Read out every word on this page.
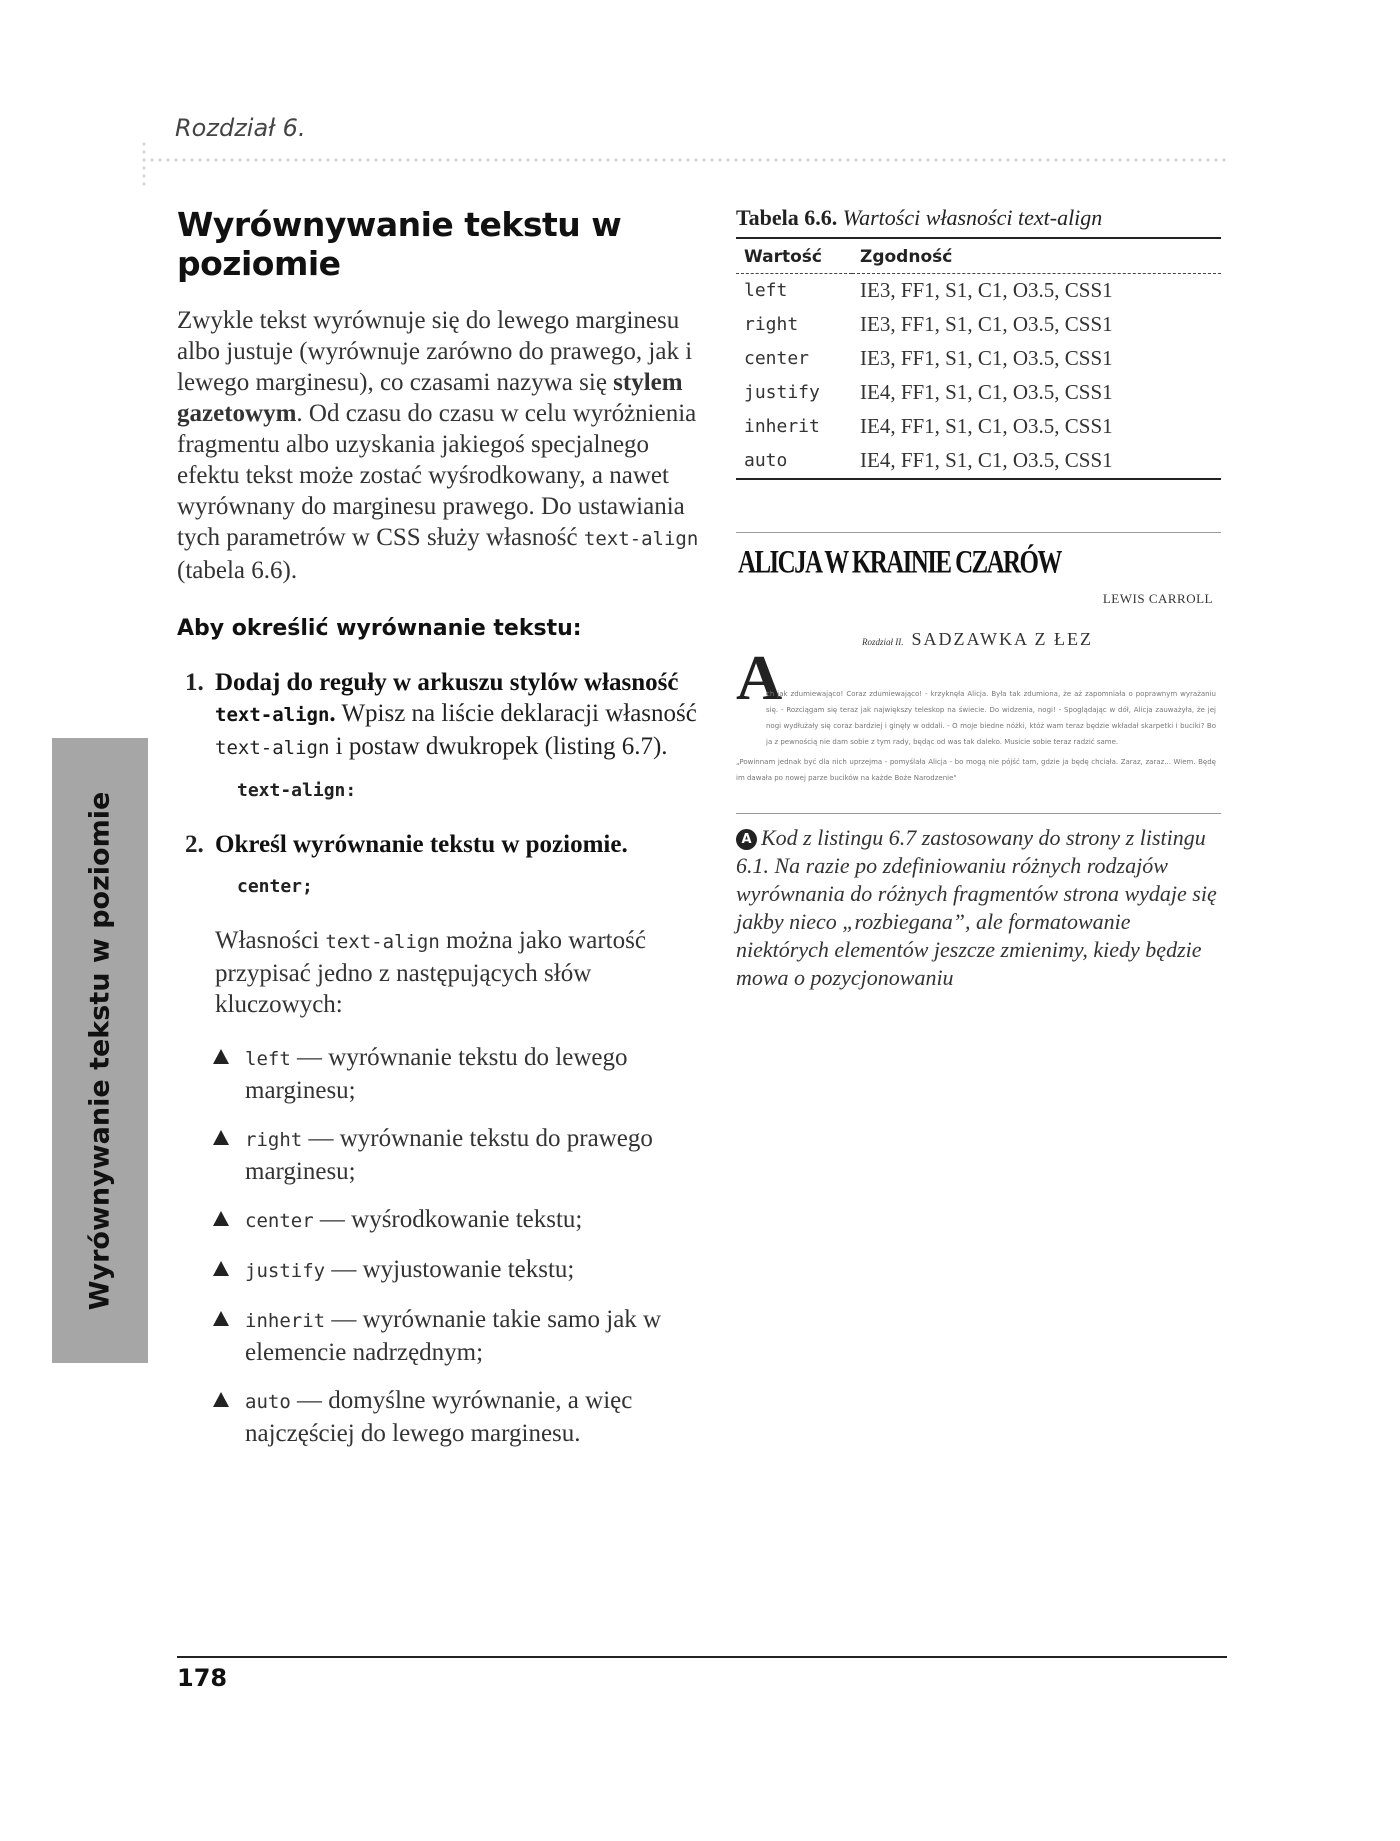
Rozdział 6.
Wyrównywanie tekstu w poziomie
Wyrównywanie tekstu w poziomie

Zwykle tekst wyrównuje się do lewego marginesu albo justuje (wyrównuje zarówno do prawego, jak i lewego marginesu), co czasami nazywa się stylem gazetowym. Od czasu do czasu w celu wyróżnienia fragmentu albo uzyskania jakiegoś specjalnego efektu tekst może zostać wyśrodkowany, a nawet wyrównany do marginesu prawego. Do ustawiania tych parametrów w CSS służy własność text-align (tabela 6.6).

Aby określić wyrównanie tekstu:
1. Dodaj do reguły w arkuszu stylów własność text-align. Wpisz na liście deklaracji własność text-align i postaw dwukropek (listing 6.7).
text-align:
2. Określ wyrównanie tekstu w poziomie.
center;

Własności text-align można jako wartość przypisać jedno z następujących słów kluczowych:

left — wyrównanie tekstu do lewego marginesu;
right — wyrównanie tekstu do prawego marginesu;
center — wyśrodkowanie tekstu;
justify — wyjustowanie tekstu;
inherit — wyrównanie takie samo jak w elemencie nadrzędnym;
auto — domyślne wyrównanie, a więc najczęściej do lewego marginesu.
Tabela 6.6. Wartości własności text-align
Wartość	Zgodność
left	IE3, FF1, S1, C1, O3.5, CSS1
right	IE3, FF1, S1, C1, O3.5, CSS1
center	IE3, FF1, S1, C1, O3.5, CSS1
justify	IE4, FF1, S1, C1, O3.5, CSS1
inherit	IE4, FF1, S1, C1, O3.5, CSS1
auto	IE4, FF1, S1, C1, O3.5, CSS1
ALICJA W KRAINIE CZARÓW
LEWIS CARROLL
Rozdział II. SADZAWKA Z ŁEZ
A

ch jak zdumiewająco! Coraz zdumiewająco! - krzyknęła Alicja. Była tak zdumiona, że aż zapomniała o poprawnym wyrażaniu się. - Rozciągam się teraz jak największy teleskop na świecie. Do widzenia, nogi! - Spoglądając w dół, Alicja zauważyła, że jej nogi wydłużały się coraz bardziej i ginęły w oddali. - O moje biedne nóżki, któż wam teraz będzie wkładał skarpetki i buciki? Bo ja z pewnością nie dam sobie z tym rady, będąc od was tak daleko. Musicie sobie teraz radzić same.

„Powinnam jednak być dla nich uprzejma - pomyślała Alicja - bo mogą nie pójść tam, gdzie ja będę chciała. Zaraz, zaraz... Wiem. Będę im dawała po nowej parze bucików na każde Boże Narodzenie"

A Kod z listingu 6.7 zastosowany do strony z listingu 6.1. Na razie po zdefiniowaniu różnych rodzajów wyrównania do różnych fragmentów strona wydaje się jakby nieco „rozbiegana”, ale formatowanie niektórych elementów jeszcze zmienimy, kiedy będzie mowa o pozycjonowaniu
178
